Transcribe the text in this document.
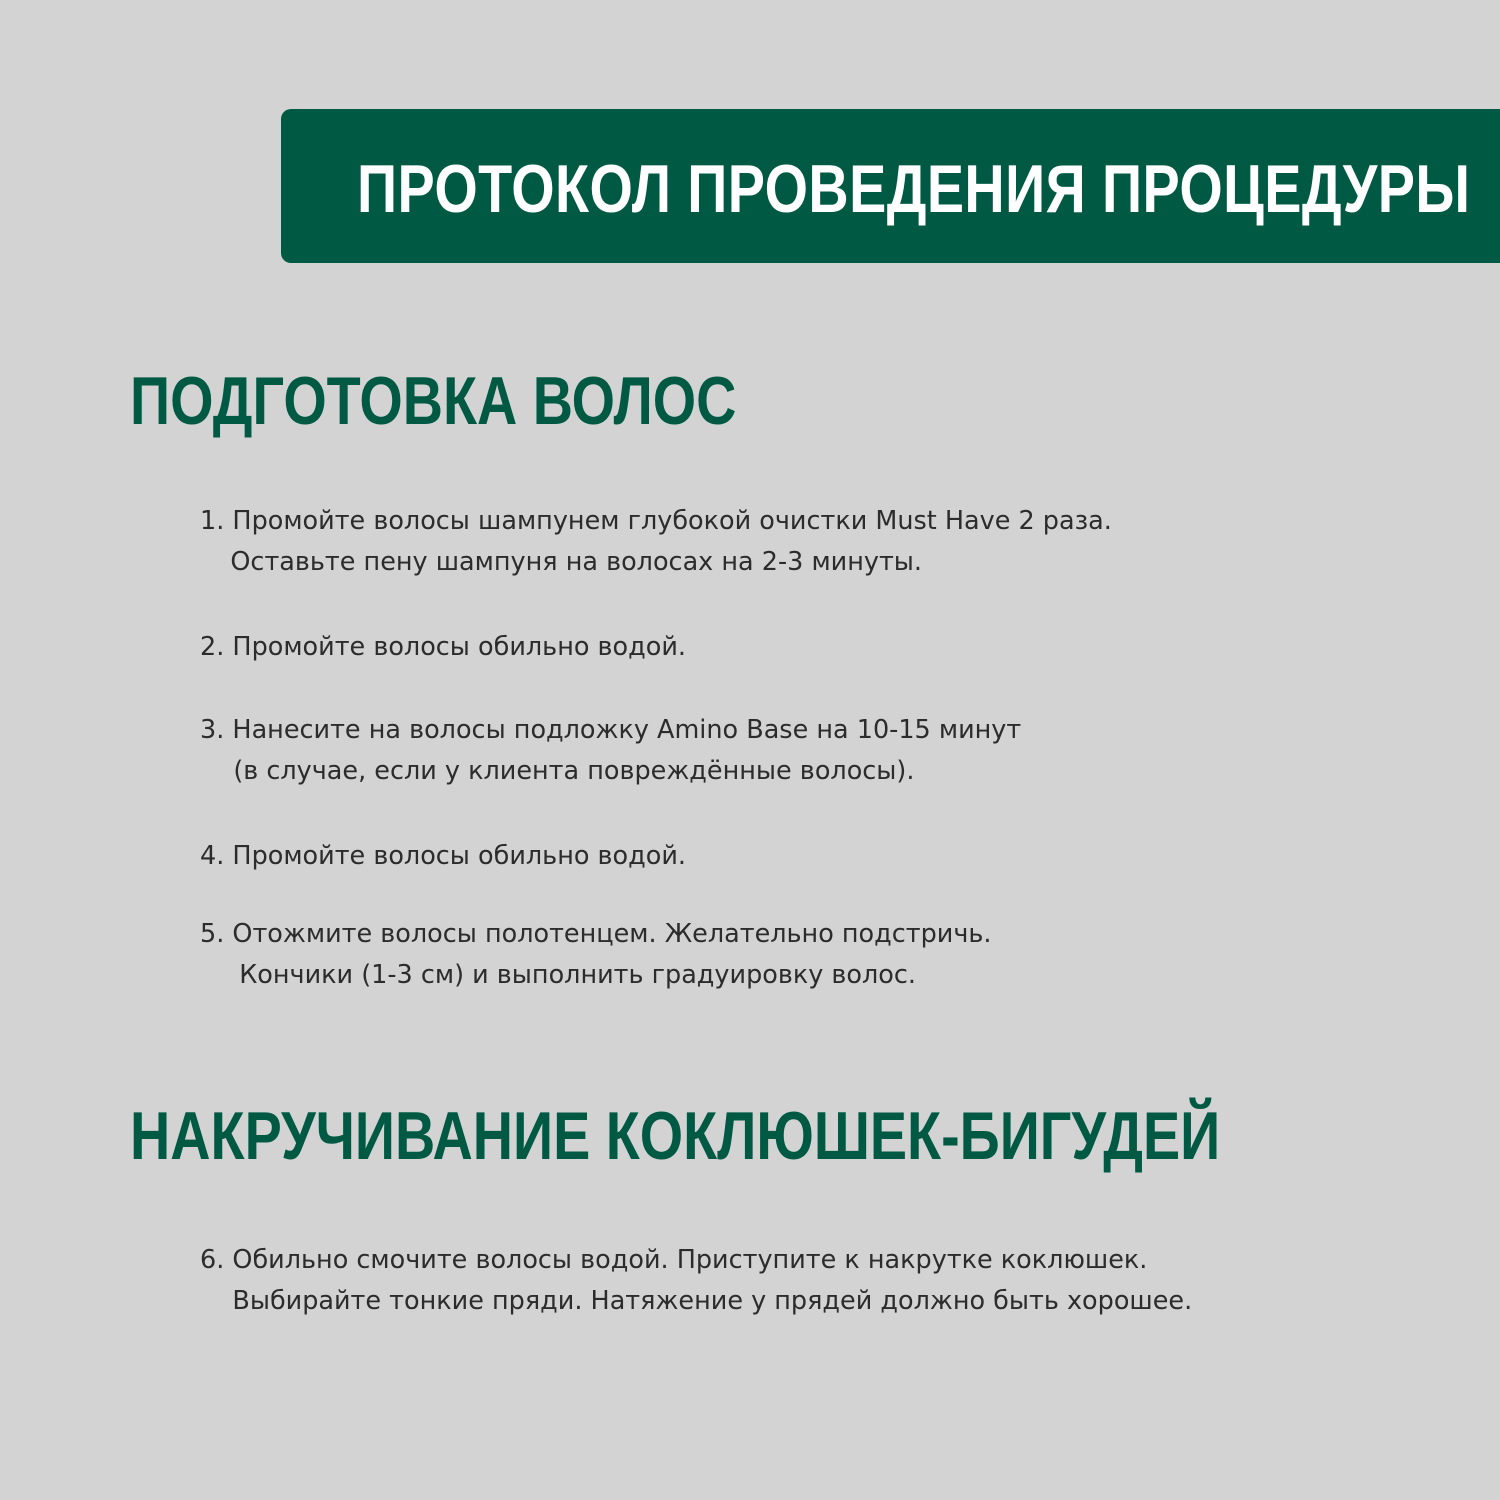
ПРОТОКОЛ ПРОВЕДЕНИЯ ПРОЦЕДУРЫ
ПОДГОТОВКА ВОЛОС
1. Промойте волосы шампунем глубокой очистки Must Have 2 раза.
Оставьте пену шампуня на волосах на 2-3 минуты.
2. Промойте волосы обильно водой.
3. Нанесите на волосы подложку Amino Base на 10-15 минут
(в случае, если у клиента повреждённые волосы).
4. Промойте волосы обильно водой.
5. Отожмите волосы полотенцем. Желательно подстричь.
Кончики (1-3 см) и выполнить градуировку волос.
НАКРУЧИВАНИЕ КОКЛЮШЕК-БИГУДЕЙ
6. Обильно смочите волосы водой. Приступите к накрутке коклюшек.
Выбирайте тонкие пряди. Натяжение у прядей должно быть хорошее.
